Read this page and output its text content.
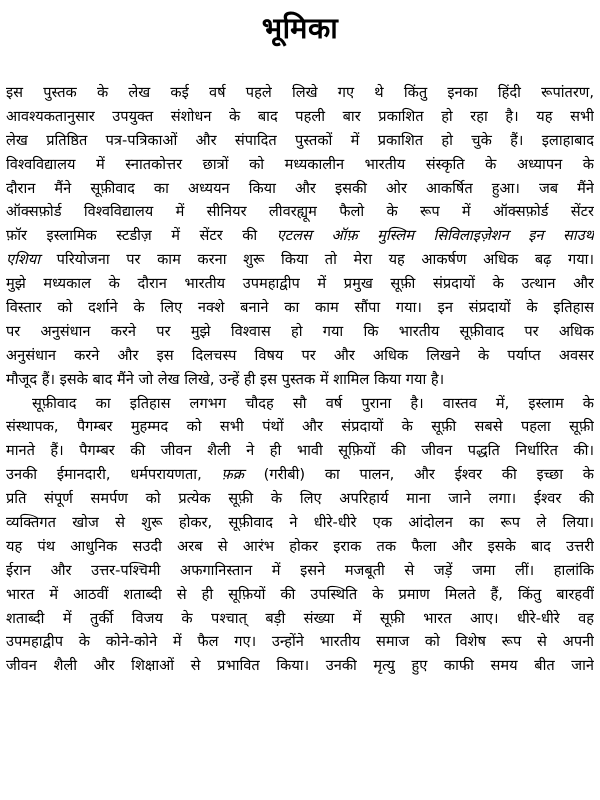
भूमिका
इस पुस्तक के लेख कई वर्ष पहले लिखे गए थे किंतु इनका हिंदी रूपांतरण,
आवश्यकतानुसार उपयुक्त संशोधन के बाद पहली बार प्रकाशित हो रहा है। यह सभी
लेख प्रतिष्ठित पत्र-पत्रिकाओं और संपादित पुस्तकों में प्रकाशित हो चुके हैं। इलाहाबाद
विश्वविद्यालय में स्नातकोत्तर छात्रों को मध्यकालीन भारतीय संस्कृति के अध्यापन के
दौरान मैंने सूफ़ीवाद का अध्ययन किया और इसकी ओर आकर्षित हुआ। जब मैंने
ऑक्सफ़ोर्ड विश्वविद्यालय में सीनियर लीवरह्यूम फैलो के रूप में ऑक्सफ़ोर्ड सेंटर
फ़ॉर इस्लामिक स्टडीज़ में सेंटर की एटलस ऑफ़ मुस्लिम सिविलाइज़ेशन इन साउथ
एशिया परियोजना पर काम करना शुरू किया तो मेरा यह आकर्षण अधिक बढ़ गया।
मुझे मध्यकाल के दौरान भारतीय उपमहाद्वीप में प्रमुख सूफ़ी संप्रदायों के उत्थान और
विस्तार को दर्शाने के लिए नक्शे बनाने का काम सौंपा गया। इन संप्रदायों के इतिहास
पर अनुसंधान करने पर मुझे विश्वास हो गया कि भारतीय सूफ़ीवाद पर अधिक
अनुसंधान करने और इस दिलचस्प विषय पर और अधिक लिखने के पर्याप्त अवसर
मौजूद हैं। इसके बाद मैंने जो लेख लिखे, उन्हें ही इस पुस्तक में शामिल किया गया है।
सूफ़ीवाद का इतिहास लगभग चौदह सौ वर्ष पुराना है। वास्तव में, इस्लाम के
संस्थापक, पैगम्बर मुहम्मद को सभी पंथों और संप्रदायों के सूफ़ी सबसे पहला सूफ़ी
मानते हैं। पैगम्बर की जीवन शैली ने ही भावी सूफ़ियों की जीवन पद्धति निर्धारित की।
उनकी ईमानदारी, धर्मपरायणता, फ़क्र (गरीबी) का पालन, और ईश्वर की इच्छा के
प्रति संपूर्ण समर्पण को प्रत्येक सूफ़ी के लिए अपरिहार्य माना जाने लगा। ईश्वर की
व्यक्तिगत खोज से शुरू होकर, सूफ़ीवाद ने धीरे-धीरे एक आंदोलन का रूप ले लिया।
यह पंथ आधुनिक सउदी अरब से आरंभ होकर इराक तक फैला और इसके बाद उत्तरी
ईरान और उत्तर-पश्चिमी अफगानिस्तान में इसने मजबूती से जड़ें जमा लीं। हालांकि
भारत में आठवीं शताब्दी से ही सूफ़ियों की उपस्थिति के प्रमाण मिलते हैं, किंतु बारहवीं
शताब्दी में तुर्की विजय के पश्चात् बड़ी संख्या में सूफ़ी भारत आए। धीरे-धीरे वह
उपमहाद्वीप के कोने-कोने में फैल गए। उन्होंने भारतीय समाज को विशेष रूप से अपनी
जीवन शैली और शिक्षाओं से प्रभावित किया। उनकी मृत्यु हुए काफी समय बीत जाने
